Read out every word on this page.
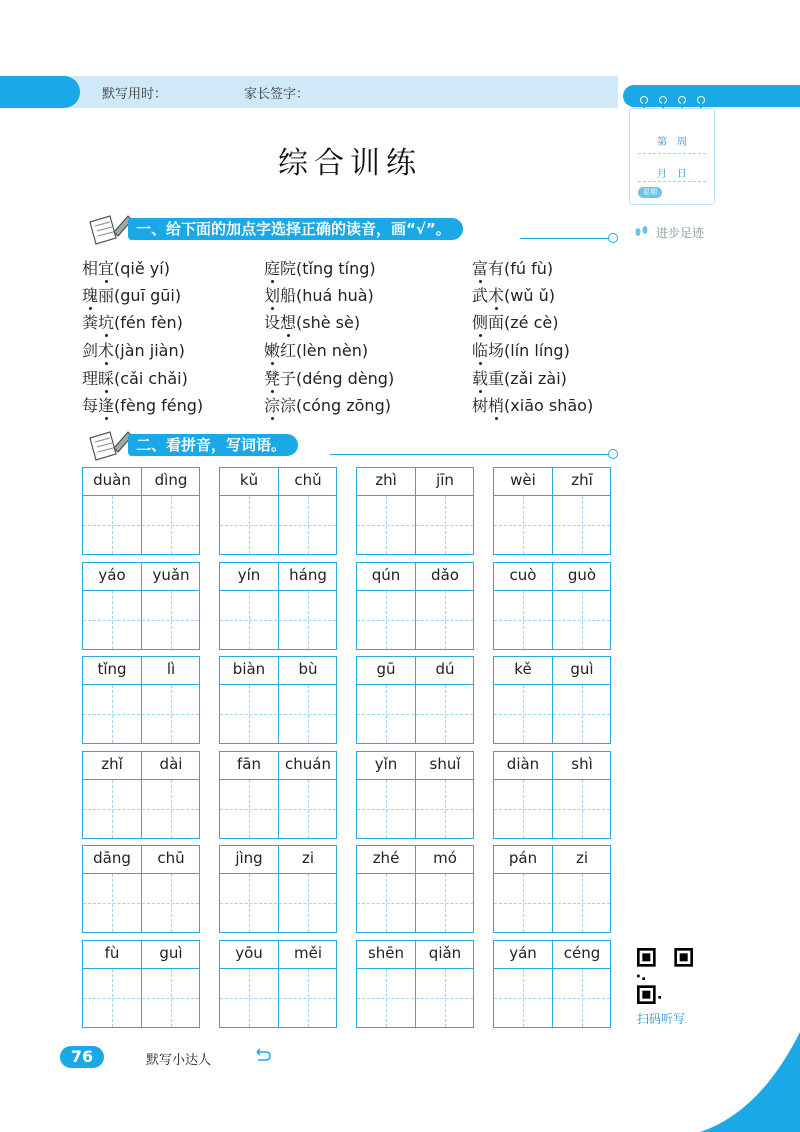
默写用时：	家长签字：
第　周
月　日
星期
进步足迹
综合训练
一、给下面的加点字选择正确的读音，画“√”。
相宜(qiě yí)
瑰丽(guī gūi)
粪坑(fén fèn)
剑术(jàn jiàn)
理睬(cǎi chǎi)
每逢(fèng féng)
庭院(tǐng tíng)
划船(huá huà)
设想(shè sè)
嫩红(lèn nèn)
凳子(déng dèng)
淙淙(cóng zōng)
富有(fú fù)
武术(wǔ ǔ)
侧面(zé cè)
临场(lín líng)
载重(zǎi zài)
树梢(xiāo shāo)
二、看拼音，写词语。
duàn	dìng	kǔ	chǔ	zhì	jīn	wèi	zhī
yáo	yuǎn	yín	háng	qún	dǎo	cuò	guò
tǐng	lì	biàn	bù	gū	dú	kě	guì
zhǐ	dài	fān	chuán	yǐn	shuǐ	diàn	shì
dāng	chū	jìng	zi	zhé	mó	pán	zi
fù	guì	yōu	měi	shēn	qiǎn	yán	céng
扫码听写
76	默写小达人
